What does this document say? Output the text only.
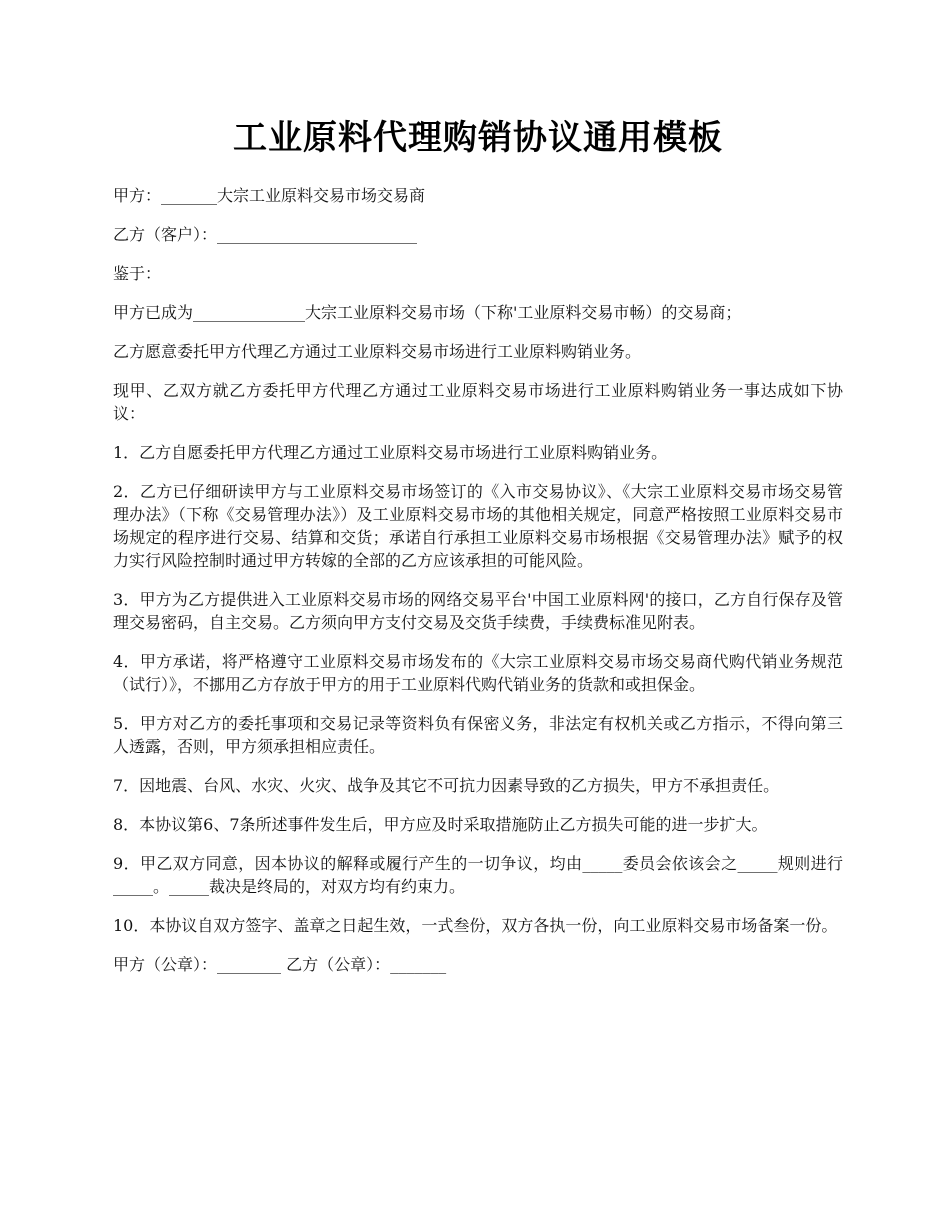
工业原料代理购销协议通用模板

甲方：_______大宗工业原料交易市场交易商

乙方（客户）：_________________________

鉴于：

甲方已成为______________大宗工业原料交易市场（下称'工业原料交易市畅）的交易商；

乙方愿意委托甲方代理乙方通过工业原料交易市场进行工业原料购销业务。

现甲、乙双方就乙方委托甲方代理乙方通过工业原料交易市场进行工业原料购销业务一事达成如下协议：

1．乙方自愿委托甲方代理乙方通过工业原料交易市场进行工业原料购销业务。

2．乙方已仔细研读甲方与工业原料交易市场签订的《入市交易协议》、《大宗工业原料交易市场交易管理办法》（下称《交易管理办法》）及工业原料交易市场的其他相关规定，同意严格按照工业原料交易市场规定的程序进行交易、结算和交货；承诺自行承担工业原料交易市场根据《交易管理办法》赋予的权力实行风险控制时通过甲方转嫁的全部的乙方应该承担的可能风险。

3．甲方为乙方提供进入工业原料交易市场的网络交易平台'中国工业原料网'的接口，乙方自行保存及管理交易密码，自主交易。乙方须向甲方支付交易及交货手续费，手续费标准见附表。

4．甲方承诺，将严格遵守工业原料交易市场发布的《大宗工业原料交易市场交易商代购代销业务规范（试行）》，不挪用乙方存放于甲方的用于工业原料代购代销业务的货款和或担保金。

5．甲方对乙方的委托事项和交易记录等资料负有保密义务，非法定有权机关或乙方指示，不得向第三人透露，否则，甲方须承担相应责任。

7．因地震、台风、水灾、火灾、战争及其它不可抗力因素导致的乙方损失，甲方不承担责任。

8．本协议第6、7条所述事件发生后，甲方应及时采取措施防止乙方损失可能的进一步扩大。

9．甲乙双方同意，因本协议的解释或履行产生的一切争议，均由_____委员会依该会之_____规则进行_____。_____裁决是终局的，对双方均有约束力。

10．本协议自双方签字、盖章之日起生效，一式叁份，双方各执一份，向工业原料交易市场备案一份。

甲方（公章）：________ 乙方（公章）：_______
